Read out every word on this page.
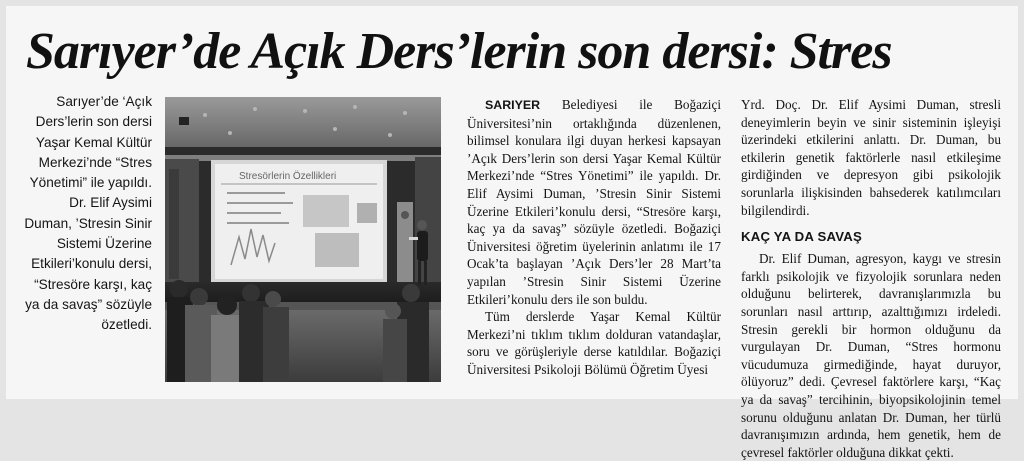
Sarıyer’de Açık Ders’lerin son dersi: Stres

Sarıyer’de ‘Açık Ders’lerin son dersi Yaşar Kemal Kültür Merkezi’nde “Stres Yönetimi” ile yapıldı. Dr. Elif Aysimi Duman, ’Stresin Sinir Sistemi Üzerine Etkileri’konulu dersi, “Stresöre karşı, kaç ya da savaş” sözüyle özetledi.

Stresörlerin Özellikleri

SARIYER Belediyesi ile Boğaziçi Üniversitesi’nin ortaklığında düzenlenen, bilimsel konulara ilgi duyan herkesi kapsayan ’Açık Ders’lerin son dersi Yaşar Kemal Kültür Merkezi’nde “Stres Yönetimi” ile yapıldı. Dr. Elif Aysimi Duman, ’Stresin Sinir Sistemi Üzerine Etkileri’konulu dersi, “Stresöre karşı, kaç ya da savaş” sözüyle özetledi. Boğaziçi Üniversitesi öğretim üyelerinin anlatımı ile 17 Ocak’ta başlayan ’Açık Ders’ler 28 Mart’ta yapılan ’Stresin Sinir Sistemi Üzerine Etkileri’konulu ders ile son buldu.

Tüm derslerde Yaşar Kemal Kültür Merkezi’ni tıklım tıklım dolduran vatandaşlar, soru ve görüşleriyle derse katıldılar. Boğaziçi Üniversitesi Psikoloji Bölümü Öğretim Üyesi

Yrd. Doç. Dr. Elif Aysimi Duman, stresli deneyimlerin beyin ve sinir sisteminin işleyişi üzerindeki etkilerini anlattı. Dr. Duman, bu etkilerin genetik faktörlerle nasıl etkileşime girdiğinden ve depresyon gibi psikolojik sorunlarla ilişkisinden bahsederek katılımcıları bilgilendirdi.

KAÇ YA DA SAVAŞ

Dr. Elif Duman, agresyon, kaygı ve stresin farklı psikolojik ve fizyolojik sorunlara neden olduğunu belirterek, davranışlarımızla bu sorunları nasıl arttırıp, azalttığımızı irdeledi. Stresin gerekli bir hormon olduğunu da vurgulayan Dr. Duman, “Stres hormonu vücudumuza girmediğinde, hayat duruyor, ölüyoruz” dedi. Çevresel faktörlere karşı, “Kaç ya da savaş” tercihinin, biyopsikolojinin temel sorunu olduğunu anlatan Dr. Duman, her türlü davranışımızın ardında, hem genetik, hem de çevresel faktörler olduğuna dikkat çekti.
